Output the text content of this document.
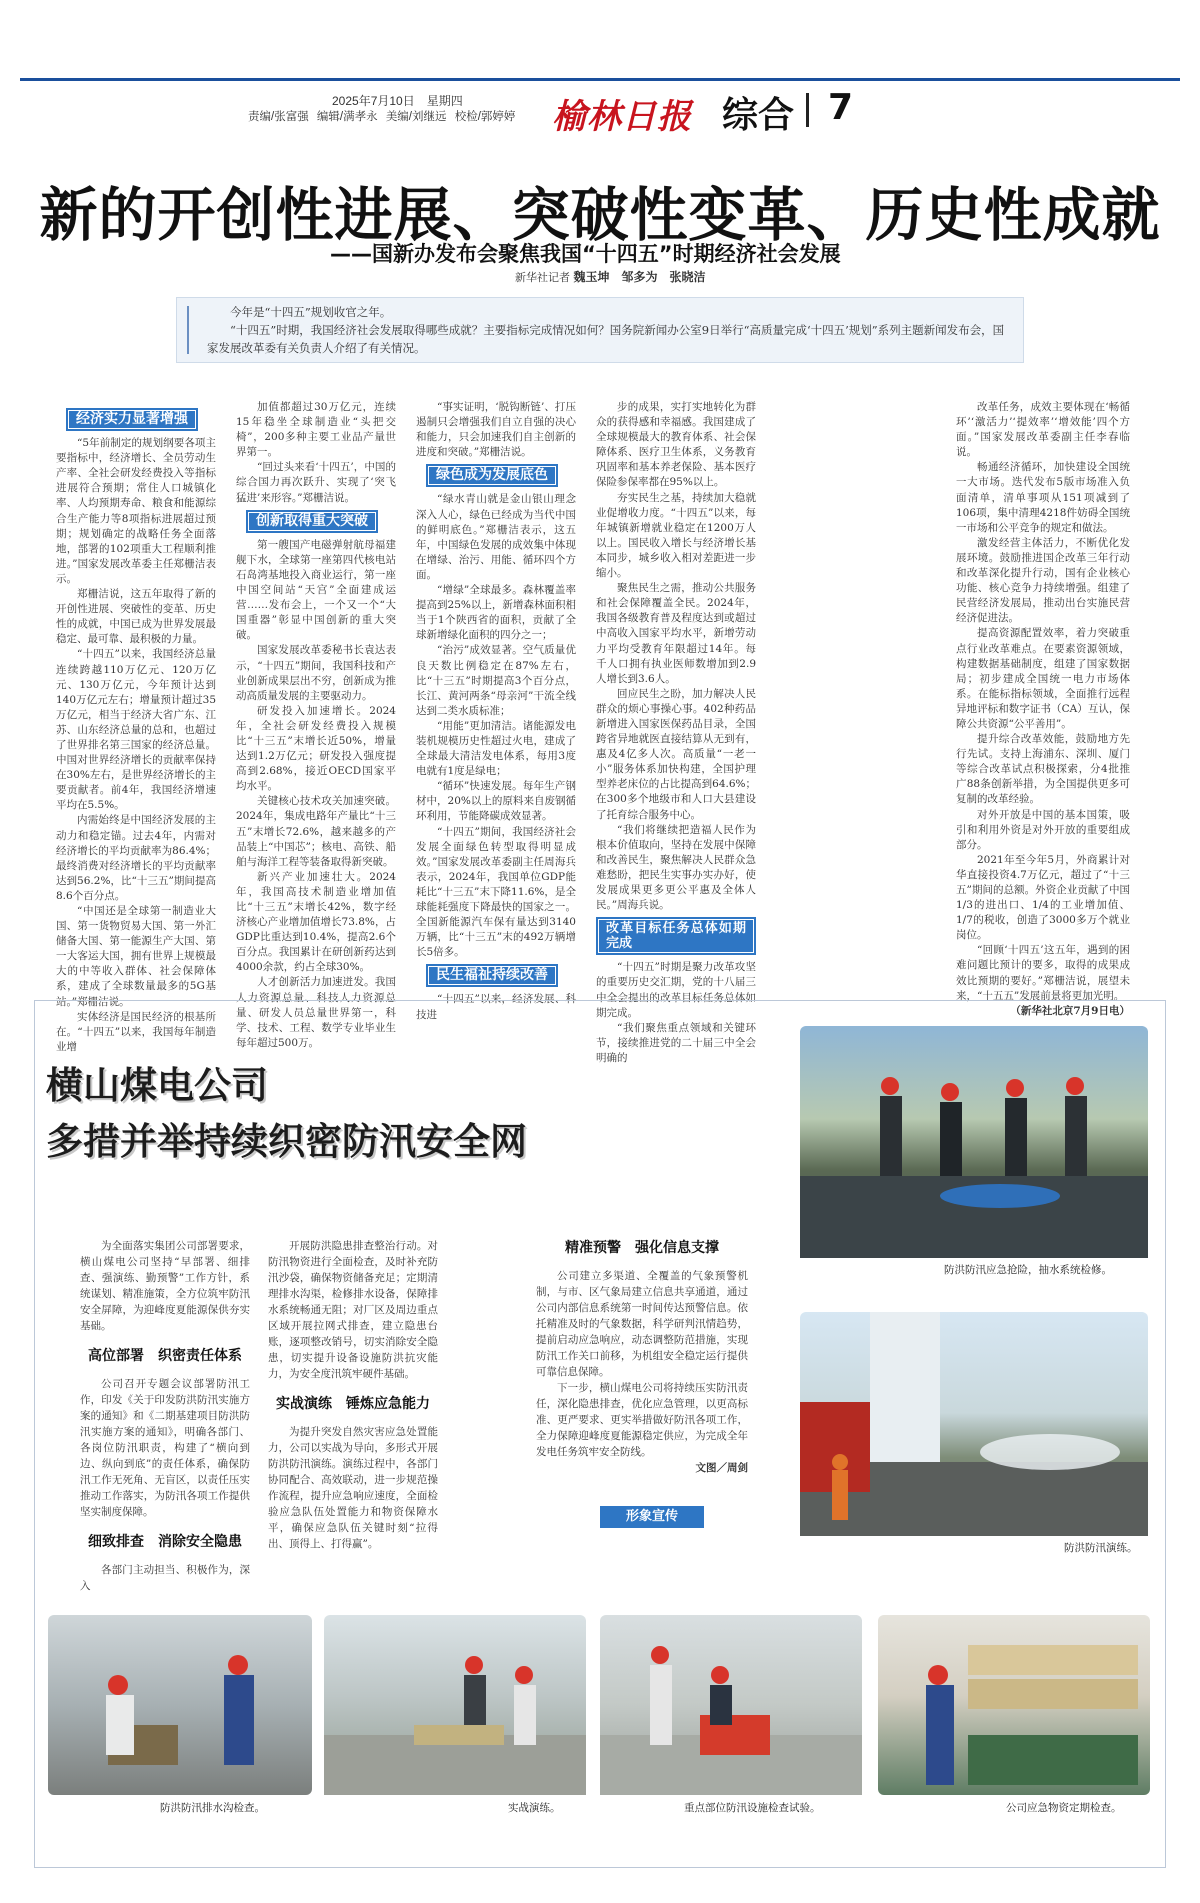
2025年7月10日　星期四
责编/张富强 编辑/满孝永 美编/刘继远 校检/郭婷婷 榆林日报 综合 7
新的开创性进展、突破性变革、历史性成就
——国新办发布会聚焦我国“十四五”时期经济社会发展
新华社记者 魏玉坤　邹多为　张晓洁

今年是“十四五”规划收官之年。

“十四五”时期，我国经济社会发展取得哪些成就？主要指标完成情况如何？国务院新闻办公室9日举行“高质量完成‘十四五’规划”系列主题新闻发布会，国家发展改革委有关负责人介绍了有关情况。

经济实力显著增强

“5年前制定的规划纲要各项主要指标中，经济增长、全员劳动生产率、全社会研发经费投入等指标进展符合预期；常住人口城镇化率、人均预期寿命、粮食和能源综合生产能力等8项指标进展超过预期；规划确定的战略任务全面落地，部署的102项重大工程顺利推进。”国家发展改革委主任郑栅洁表示。

郑栅洁说，这五年取得了新的开创性进展、突破性的变革、历史性的成就，中国已成为世界发展最稳定、最可靠、最积极的力量。

“十四五”以来，我国经济总量连续跨越110万亿元、120万亿元、130万亿元，今年预计达到140万亿元左右；增量预计超过35万亿元，相当于经济大省广东、江苏、山东经济总量的总和，也超过了世界排名第三国家的经济总量。中国对世界经济增长的贡献率保持在30%左右，是世界经济增长的主要贡献者。前4年，我国经济增速平均在5.5%。

内需始终是中国经济发展的主动力和稳定锚。过去4年，内需对经济增长的平均贡献率为86.4%；最终消费对经济增长的平均贡献率达到56.2%，比“十三五”期间提高8.6个百分点。

“中国还是全球第一制造业大国、第一货物贸易大国、第一外汇储备大国、第一能源生产大国、第一大客运大国，拥有世界上规模最大的中等收入群体、社会保障体系，建成了全球数量最多的5G基站。”郑栅洁说。

实体经济是国民经济的根基所在。“十四五”以来，我国每年制造业增

加值都超过30万亿元，连续15年稳坐全球制造业“头把交椅”，200多种主要工业品产量世界第一。

“回过头来看‘十四五’，中国的综合国力再次跃升、实现了‘突飞猛进’来形容。”郑栅洁说。

创新取得重大突破

第一艘国产电磁弹射航母福建舰下水，全球第一座第四代核电站石岛湾基地投入商业运行，第一座中国空间站“天宫”全面建成运营……发布会上，一个又一个“大国重器”彰显中国创新的重大突破。

国家发展改革委秘书长袁达表示，“十四五”期间，我国科技和产业创新成果层出不穷，创新成为推动高质量发展的主要驱动力。

研发投入加速增长。2024年，全社会研发经费投入规模比“十三五”末增长近50%，增量达到1.2万亿元；研发投入强度提高到2.68%，接近OECD国家平均水平。

关键核心技术攻关加速突破。2024年，集成电路年产量比“十三五”末增长72.6%，越来越多的产品装上“中国芯”；核电、高铁、船舶与海洋工程等装备取得新突破。

新兴产业加速壮大。2024年，我国高技术制造业增加值比“十三五”末增长42%，数字经济核心产业增加值增长73.8%，占GDP比重达到10.4%，提高2.6个百分点。我国累计在研创新药达到4000余款，约占全球30%。

人才创新活力加速迸发。我国人力资源总量、科技人力资源总量、研发人员总量世界第一，科学、技术、工程、数学专业毕业生每年超过500万。

“事实证明，‘脱钩断链’、打压遏制只会增强我们自立自强的决心和能力，只会加速我们自主创新的进度和突破。”郑栅洁说。

绿色成为发展底色

“绿水青山就是金山银山理念深入人心，绿色已经成为当代中国的鲜明底色。”郑栅洁表示，这五年，中国绿色发展的成效集中体现在增绿、治污、用能、循环四个方面。

“增绿”全球最多。森林覆盖率提高到25%以上，新增森林面积相当于1个陕西省的面积，贡献了全球新增绿化面积的四分之一；

“治污”成效显著。空气质量优良天数比例稳定在87%左右，比“十三五”时期提高3个百分点，长江、黄河两条“母亲河”干流全线达到二类水质标准；

“用能”更加清洁。诸能源发电装机规模历史性超过火电，建成了全球最大清洁发电体系，每用3度电就有1度是绿电；

“循环”快速发展。每年生产钢材中，20%以上的原料来自废钢循环利用，节能降碳成效显著。

“十四五”期间，我国经济社会发展全面绿色转型取得明显成效。”国家发展改革委副主任周海兵表示，2024年，我国单位GDP能耗比“十三五”末下降11.6%，是全球能耗强度下降最快的国家之一。全国新能源汽车保有量达到3140万辆，比“十三五”末的492万辆增长5倍多。

民生福祉持续改善

“十四五”以来，经济发展、科技进

步的成果，实打实地转化为群众的获得感和幸福感。我国建成了全球规模最大的教育体系、社会保障体系、医疗卫生体系，义务教育巩固率和基本养老保险、基本医疗保险参保率都在95%以上。

夯实民生之基，持续加大稳就业促增收力度。“十四五”以来，每年城镇新增就业稳定在1200万人以上。国民收入增长与经济增长基本同步，城乡收入相对差距进一步缩小。

聚焦民生之需，推动公共服务和社会保障覆盖全民。2024年，我国各级教育普及程度达到或超过中高收入国家平均水平，新增劳动力平均受教育年限超过14年。每千人口拥有执业医师数增加到2.9人增长到3.6人。

回应民生之盼，加力解决人民群众的烦心事操心事。402种药品新增进入国家医保药品目录，全国跨省异地就医直接结算从无到有，惠及4亿多人次。高质量“一老一小”服务体系加快构建，全国护理型养老床位的占比提高到64.6%；在300多个地级市和人口大县建设了托育综合服务中心。

“我们将继续把造福人民作为根本价值取向，坚持在发展中保障和改善民生，聚焦解决人民群众急难愁盼，把民生实事办实办好，使发展成果更多更公平惠及全体人民。”周海兵说。

改革目标任务总体如期完成

“十四五”时期是聚力改革攻坚的重要历史交汇期，党的十八届三中全会提出的改革目标任务总体如期完成。

“我们聚焦重点领域和关键环节，接续推进党的二十届三中全会明确的

改革任务，成效主要体现在‘畅循环’‘激活力’‘提效率’‘增效能’四个方面。”国家发展改革委副主任李春临说。

畅通经济循环，加快建设全国统一大市场。迭代发布5版市场准入负面清单，清单事项从151项减到了106项，集中清理4218件妨碍全国统一市场和公平竞争的规定和做法。

激发经营主体活力，不断优化发展环境。鼓励推进国企改革三年行动和改革深化提升行动，国有企业核心功能、核心竞争力持续增强。组建了民营经济发展局，推动出台实施民营经济促进法。

提高资源配置效率，着力突破重点行业改革难点。在要素资源领域，构建数据基础制度，组建了国家数据局；初步建成全国统一电力市场体系。在能标指标领域，全面推行远程异地评标和数字证书（CA）互认，保障公共资源“公平善用”。

提升综合改革效能，鼓励地方先行先试。支持上海浦东、深圳、厦门等综合改革试点积极探索，分4批推广88条创新举措，为全国提供更多可复制的改革经验。

对外开放是中国的基本国策，吸引和利用外资是对外开放的重要组成部分。

2021年至今年5月，外商累计对华直接投资4.7万亿元，超过了“十三五”期间的总额。外资企业贡献了中国1/3的进出口、1/4的工业增加值、1/7的税收，创造了3000多万个就业岗位。

“回顾‘十四五’这五年，遇到的困难问题比预计的要多，取得的成果成效比预期的要好。”郑栅洁说，展望未来，“十五五”发展前景将更加光明。

（新华社北京7月9日电）
横山煤电公司
多措并举持续织密防汛安全网

为全面落实集团公司部署要求，横山煤电公司坚持“早部署、细排查、强演练、勤预警”工作方针，系统谋划、精准施策，全方位筑牢防汛安全屏障，为迎峰度夏能源保供夯实基础。

高位部署　织密责任体系

公司召开专题会议部署防汛工作，印发《关于印发防洪防汛实施方案的通知》和《二期基建项目防洪防汛实施方案的通知》，明确各部门、各岗位防汛职责，构建了“横向到边、纵向到底”的责任体系，确保防汛工作无死角、无盲区，以责任压实推动工作落实，为防汛各项工作提供坚实制度保障。

细致排查　消除安全隐患

各部门主动担当、积极作为，深入

开展防洪隐患排查整治行动。对防汛物资进行全面检查，及时补充防汛沙袋，确保物资储备充足；定期清理排水沟渠，检修排水设备，保障排水系统畅通无阻；对厂区及周边重点区域开展拉网式排查，建立隐患台账，逐项整改销号，切实消除安全隐患，切实提升设备设施防洪抗灾能力，为安全度汛筑牢硬件基础。

实战演练　锤炼应急能力

为提升突发自然灾害应急处置能力，公司以实战为导向，多形式开展防洪防汛演练。演练过程中，各部门协同配合、高效联动，进一步规范操作流程，提升应急响应速度，全面检验应急队伍处置能力和物资保障水平，确保应急队伍关键时刻“拉得出、顶得上、打得赢”。

精准预警　强化信息支撑

公司建立多渠道、全覆盖的气象预警机制，与市、区气象局建立信息共享通道，通过公司内部信息系统第一时间传达预警信息。依托精准及时的气象数据，科学研判汛情趋势，提前启动应急响应，动态调整防范措施，实现防汛工作关口前移，为机组安全稳定运行提供可靠信息保障。

下一步，横山煤电公司将持续压实防汛责任，深化隐患排查，优化应急管理，以更高标准、更严要求、更实举措做好防汛各项工作，全力保障迎峰度夏能源稳定供应，为完成全年发电任务筑牢安全防线。

文图／周剑
形象宣传
防洪防汛应急抢险，抽水系统检修。
防洪防汛演练。
防洪防汛排水沟检查。	实战演练。	重点部位防汛设施检查试验。	公司应急物资定期检查。
